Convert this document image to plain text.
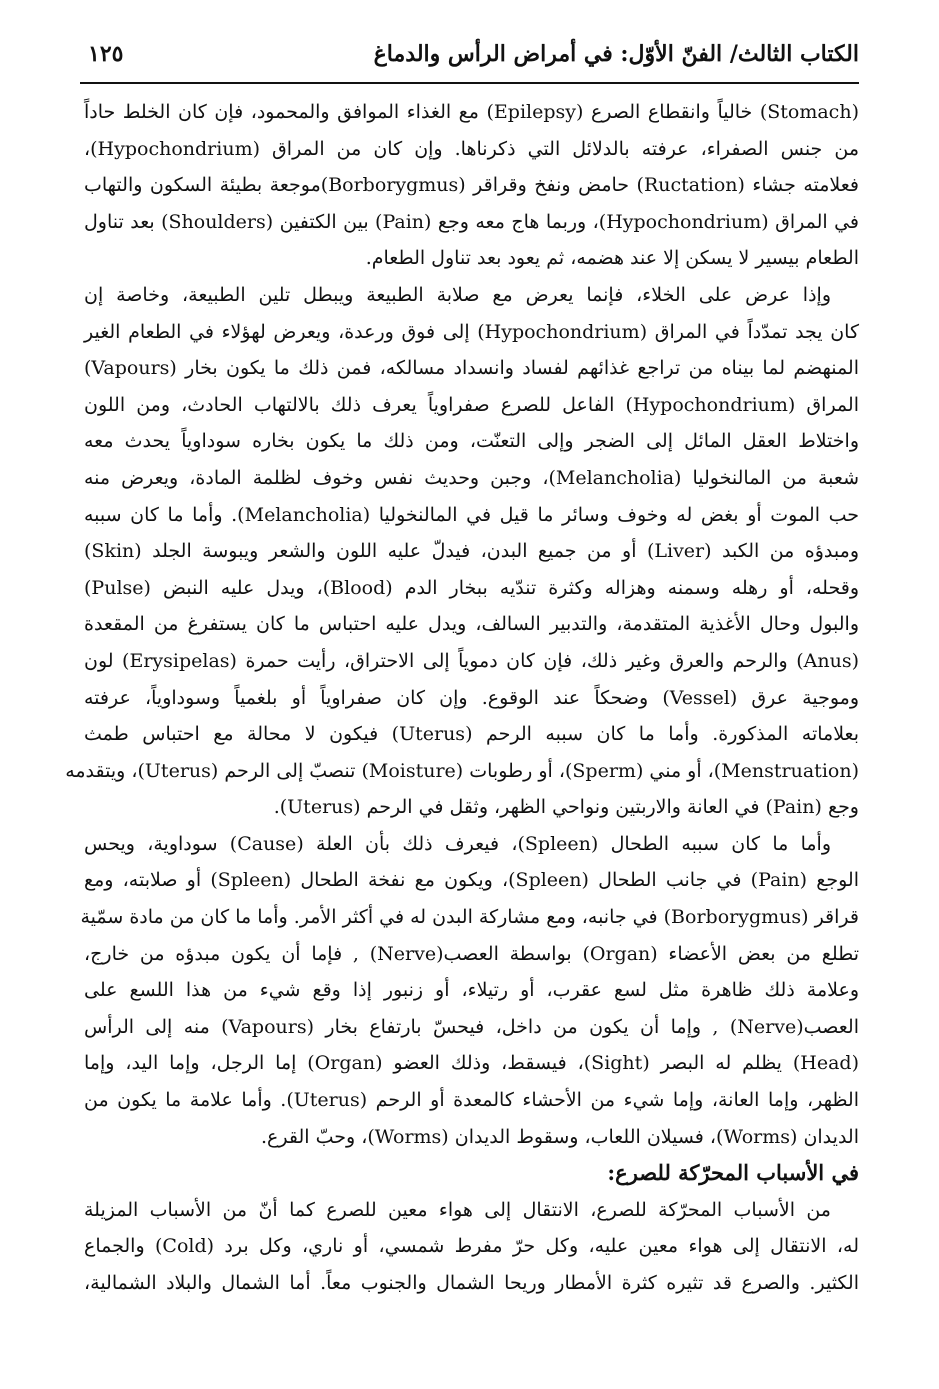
الكتاب الثالث/ الفنّ الأوّل: في أمراض الرأس والدماغ
١٢٥
(Stomach) خالياً وانقطاع الصرع (Epilepsy) مع الغذاء الموافق والمحمود، فإن كان الخلط حاداً
من جنس الصفراء، عرفته بالدلائل التي ذكرناها. وإن كان من المراق (Hypochondrium)،
فعلامته جشاء (Ructation) حامض ونفخ وقراقر (Borborygmus)موجعة بطيئة السكون والتهاب
في المراق (Hypochondrium)، وربما هاج معه وجع (Pain) بين الكتفين (Shoulders) بعد تناول
الطعام بيسير لا يسكن إلا عند هضمه، ثم يعود بعد تناول الطعام.
وإذا عرض على الخلاء، فإنما يعرض مع صلابة الطبيعة ويبطل تلين الطبيعة، وخاصة إن
كان يجد تمدّداً في المراق (Hypochondrium) إلى فوق ورعدة، ويعرض لهؤلاء في الطعام الغير
المنهضم لما بيناه من تراجع غذائهم لفساد وانسداد مسالكه، فمن ذلك ما يكون بخار (Vapours)
المراق (Hypochondrium) الفاعل للصرع صفراوياً يعرف ذلك بالالتهاب الحادث، ومن اللون
واختلاط العقل المائل إلى الضجر وإلى التعنّت، ومن ذلك ما يكون بخاره سوداوياً يحدث معه
شعبة من المالنخوليا (Melancholia)، وجبن وحديث نفس وخوف لظلمة المادة، ويعرض منه
حب الموت أو بغض له وخوف وسائر ما قيل في المالنخوليا (Melancholia). وأما ما كان سببه
ومبدؤه من الكبد (Liver) أو من جميع البدن، فيدلّ عليه اللون والشعر ويبوسة الجلد (Skin)
وقحله، أو رهله وسمنه وهزاله وكثرة تندّيه ببخار الدم (Blood)، ويدل عليه النبض (Pulse)
والبول وحال الأغذية المتقدمة، والتدبير السالف، ويدل عليه احتباس ما كان يستفرغ من المقعدة
(Anus) والرحم والعرق وغير ذلك، فإن كان دموياً إلى الاحتراق، رأيت حمرة (Erysipelas) لون
وموجية عرق (Vessel) وضحكاً عند الوقوع. وإن كان صفراوياً أو بلغمياً وسوداوياً، عرفته
بعلاماته المذكورة. وأما ما كان سببه الرحم (Uterus) فيكون لا محالة مع احتباس طمث
(Menstruation)، أو مني (Sperm)، أو رطوبات (Moisture) تنصبّ إلى الرحم (Uterus)، ويتقدمه
وجع (Pain) في العانة والاربتين ونواحي الظهر، وثقل في الرحم (Uterus).
وأما ما كان سببه الطحال (Spleen)، فيعرف ذلك بأن العلة (Cause) سوداوية، ويحس
الوجع (Pain) في جانب الطحال (Spleen)، ويكون مع نفخة الطحال (Spleen) أو صلابته، ومع
قراقر (Borborygmus) في جانبه، ومع مشاركة البدن له في أكثر الأمر. وأما ما كان من مادة سمّية
تطلع من بعض الأعضاء (Organ) بواسطة العصب(Nerve) , فإما أن يكون مبدؤه من خارج،
وعلامة ذلك ظاهرة مثل لسع عقرب، أو رتيلاء، أو زنبور إذا وقع شيء من هذا اللسع على
العصب(Nerve) , وإما أن يكون من داخل، فيحسّ بارتفاع بخار (Vapours) منه إلى الرأس
(Head) يظلم له البصر (Sight)، فيسقط، وذلك العضو (Organ) إما الرجل، وإما اليد، وإما
الظهر، وإما العانة، وإما شيء من الأحشاء كالمعدة أو الرحم (Uterus). وأما علامة ما يكون من
الديدان (Worms)، فسيلان اللعاب، وسقوط الديدان (Worms)، وحبّ القرع.
في الأسباب المحرّكة للصرع:
من الأسباب المحرّكة للصرع، الانتقال إلى هواء معين للصرع كما أنّ من الأسباب المزيلة
له، الانتقال إلى هواء معين عليه، وكل حرّ مفرط شمسي، أو ناري، وكل برد (Cold) والجماع
الكثير. والصرع قد تثيره كثرة الأمطار وريحا الشمال والجنوب معاً. أما الشمال والبلاد الشمالية،
